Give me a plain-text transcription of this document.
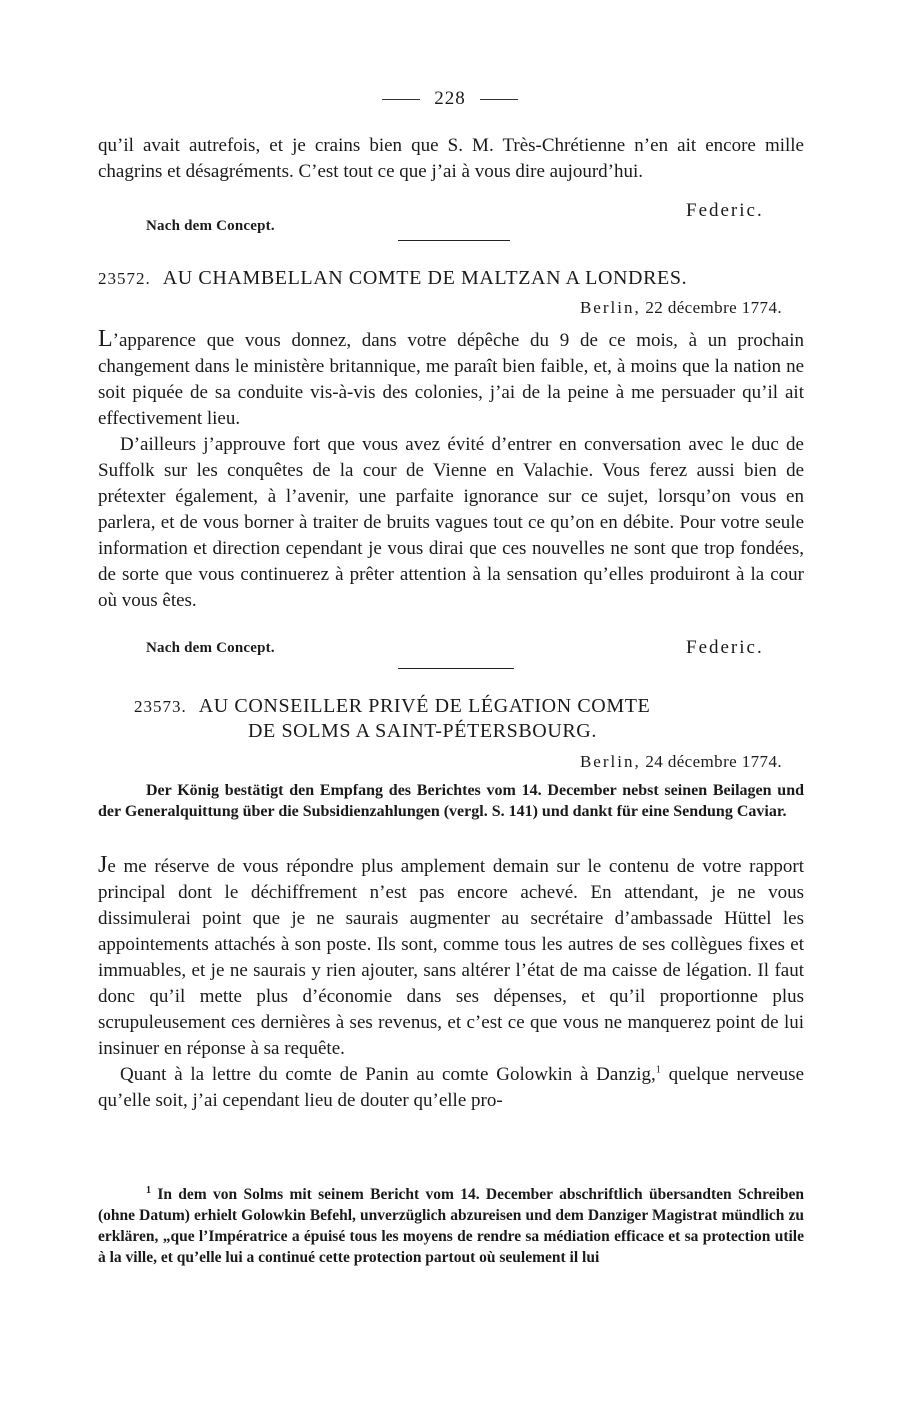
228

qu’il avait autrefois, et je crains bien que S. M. Très-Chrétienne n’en ait encore mille chagrins et désagréments. C’est tout ce que j’ai à vous dire aujourd’hui.

Nach dem Concept.
Federic.

23572. AU CHAMBELLAN COMTE DE MALTZAN A LONDRES.

Berlin, 22 décembre 1774.

L’apparence que vous donnez, dans votre dépêche du 9 de ce mois, à un prochain changement dans le ministère britannique, me paraît bien faible, et, à moins que la nation ne soit piquée de sa conduite vis-à-vis des colonies, j’ai de la peine à me persuader qu’il ait effectivement lieu.

D’ailleurs j’approuve fort que vous avez évité d’entrer en conversation avec le duc de Suffolk sur les conquêtes de la cour de Vienne en Valachie. Vous ferez aussi bien de prétexter également, à l’avenir, une parfaite ignorance sur ce sujet, lorsqu’on vous en parlera, et de vous borner à traiter de bruits vagues tout ce qu’on en débite. Pour votre seule information et direction cependant je vous dirai que ces nouvelles ne sont que trop fondées, de sorte que vous continuerez à prêter attention à la sensation qu’elles produiront à la cour où vous êtes.

Nach dem Concept.	Federic.

23573. AU CONSEILLER PRIVÉ DE LÉGATION COMTE

DE SOLMS A SAINT-PÉTERSBOURG.

Berlin, 24 décembre 1774.

Der König bestätigt den Empfang des Berichtes vom 14. December nebst seinen Beilagen und der Generalquittung über die Subsidienzahlungen (vergl. S. 141) und dankt für eine Sendung Caviar.

Je me réserve de vous répondre plus amplement demain sur le contenu de votre rapport principal dont le déchiffrement n’est pas encore achevé. En attendant, je ne vous dissimulerai point que je ne saurais augmenter au secrétaire d’ambassade Hüttel les appointements attachés à son poste. Ils sont, comme tous les autres de ses collègues fixes et immuables, et je ne saurais y rien ajouter, sans altérer l’état de ma caisse de légation. Il faut donc qu’il mette plus d’économie dans ses dépenses, et qu’il proportionne plus scrupuleusement ces dernières à ses revenus, et c’est ce que vous ne manquerez point de lui insinuer en réponse à sa requête.

Quant à la lettre du comte de Panin au comte Golowkin à Danzig,$^1$ quelque nerveuse qu’elle soit, j’ai cependant lieu de douter qu’elle pro-

$^1$ In dem von Solms mit seinem Bericht vom 14. December abschriftlich übersandten Schreiben (ohne Datum) erhielt Golowkin Befehl, unverzüglich abzureisen und dem Danziger Magistrat mündlich zu erklären, „que l’Impératrice a épuisé tous les moyens de rendre sa médiation efficace et sa protection utile à la ville, et qu’elle lui a continué cette protection partout où seulement il lui
